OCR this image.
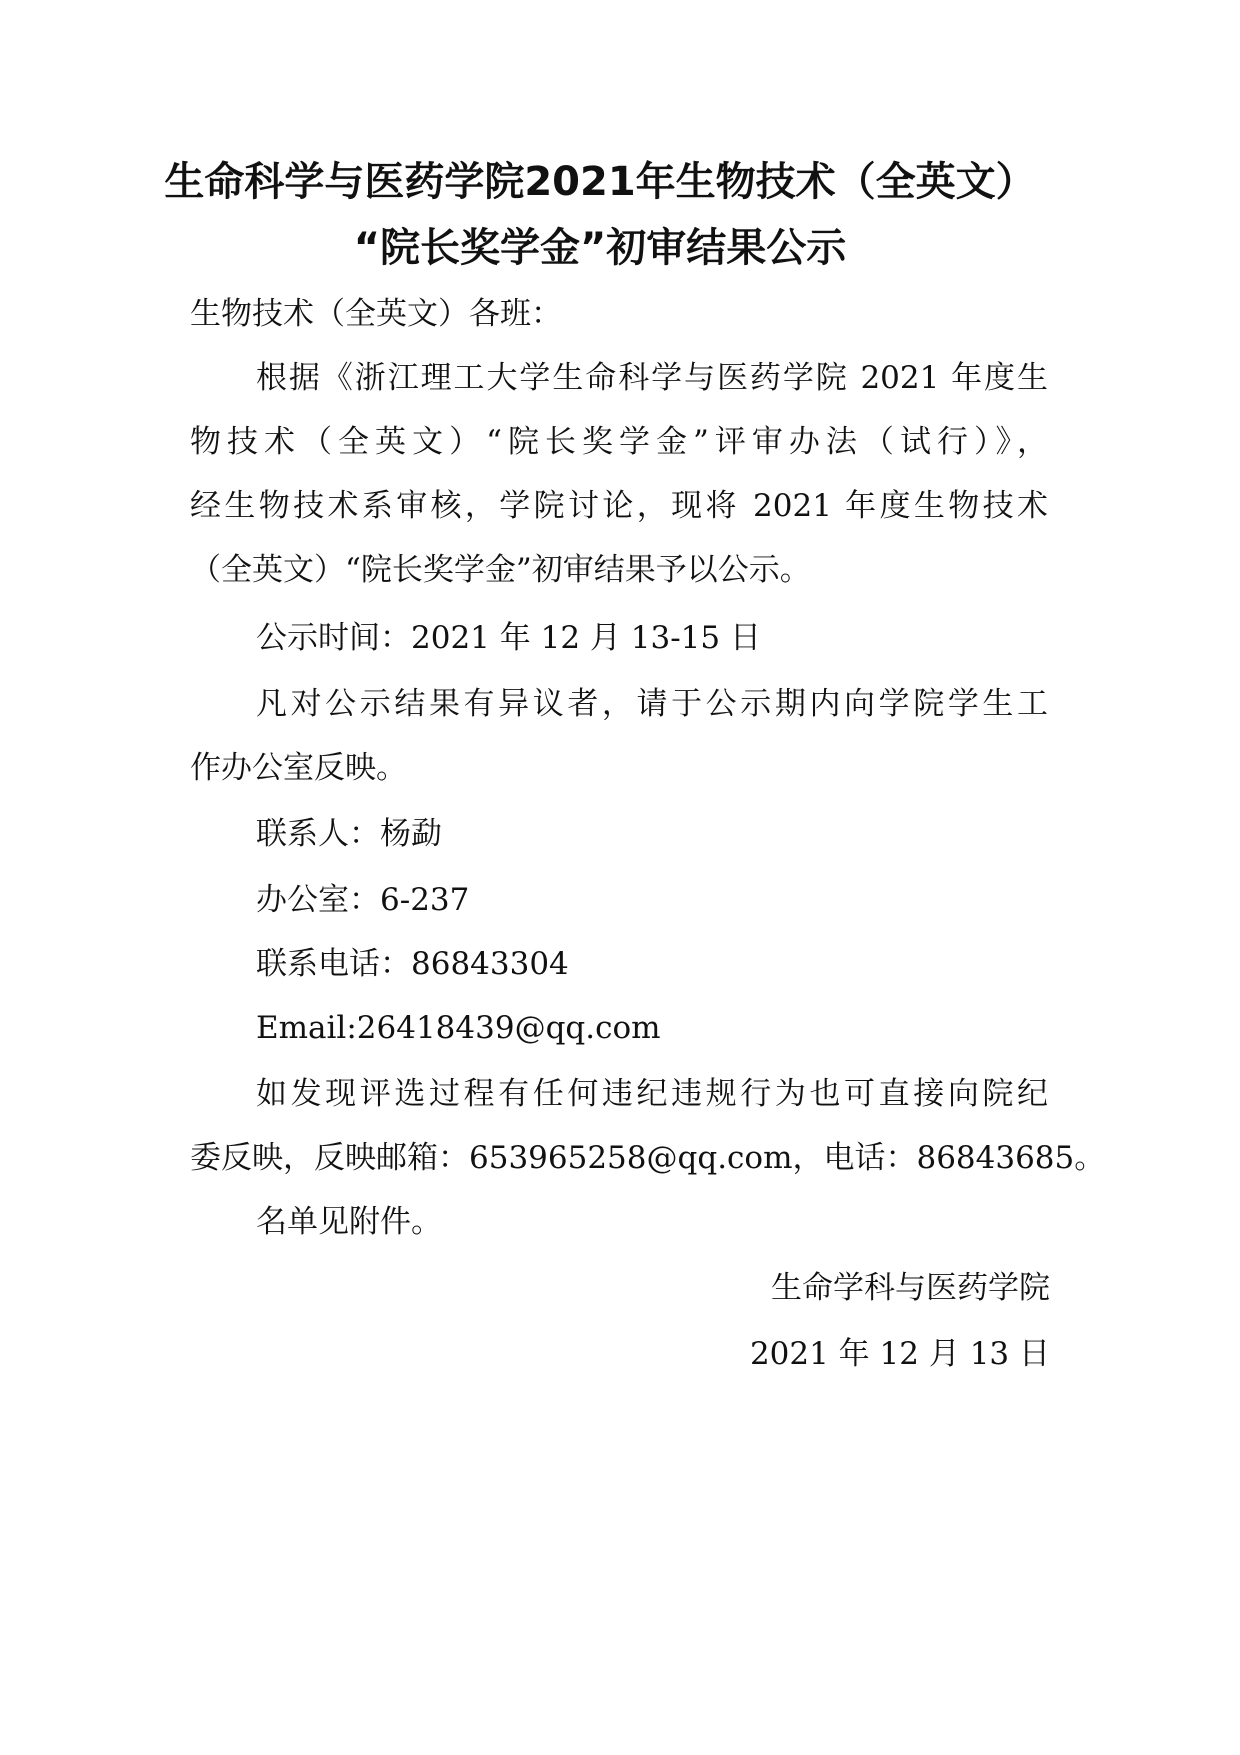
生命科学与医药学院2021年生物技术（全英文）
“院长奖学金”初审结果公示
生物技术（全英文）各班：
根据《浙江理工大学生命科学与医药学院 2021 年度生
物技术（全英文）“院长奖学金”评审办法（试行）》，
经生物技术系审核，学院讨论，现将 2021 年度生物技术
（全英文）“院长奖学金”初审结果予以公示。
公示时间：2021 年 12 月 13-15 日
凡对公示结果有异议者，请于公示期内向学院学生工
作办公室反映。
联系人：杨勐
办公室：6-237
联系电话：86843304
Email:26418439@qq.com
如发现评选过程有任何违纪违规行为也可直接向院纪
委反映，反映邮箱：653965258@qq.com，电话：86843685。
名单见附件。
生命学科与医药学院
2021 年 12 月 13 日
